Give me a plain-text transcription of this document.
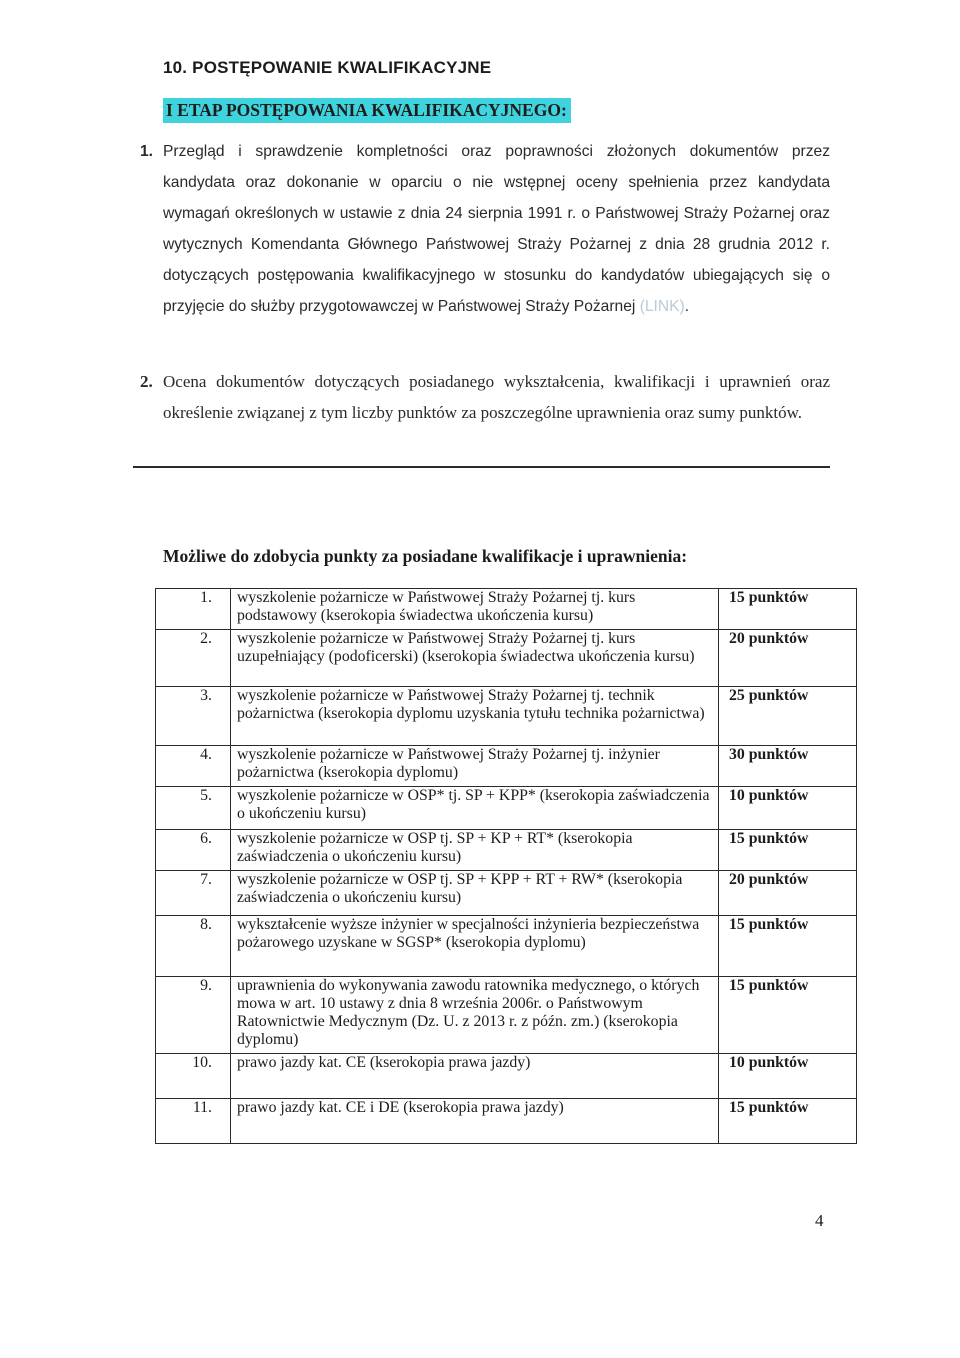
10. POSTĘPOWANIE KWALIFIKACYJNE
I ETAP POSTĘPOWANIA KWALIFIKACYJNEGO:
1. Przegląd i sprawdzenie kompletności oraz poprawności złożonych dokumentów przez kandydata oraz dokonanie w oparciu o nie wstępnej oceny spełnienia przez kandydata wymagań określonych w ustawie z dnia 24 sierpnia 1991 r. o Państwowej Straży Pożarnej oraz wytycznych Komendanta Głównego Państwowej Straży Pożarnej z dnia 28 grudnia 2012 r. dotyczących postępowania kwalifikacyjnego w stosunku do kandydatów ubiegających się o przyjęcie do służby przygotowawczej w Państwowej Straży Pożarnej (LINK).
2. Ocena dokumentów dotyczących posiadanego wykształcenia, kwalifikacji i uprawnień oraz określenie związanej z tym liczby punktów za poszczególne uprawnienia oraz sumy punktów.
Możliwe do zdobycia punkty za posiadane kwalifikacje i uprawnienia:
1.	wyszkolenie pożarnicze w Państwowej Straży Pożarnej tj. kurs podstawowy (kserokopia świadectwa ukończenia kursu)	15 punktów
2.	wyszkolenie pożarnicze w Państwowej Straży Pożarnej tj. kurs uzupełniający (podoficerski) (kserokopia świadectwa ukończenia kursu)	20 punktów
3.	wyszkolenie pożarnicze w Państwowej Straży Pożarnej tj. technik pożarnictwa (kserokopia dyplomu uzyskania tytułu technika pożarnictwa)	25 punktów
4.	wyszkolenie pożarnicze w Państwowej Straży Pożarnej tj. inżynier pożarnictwa (kserokopia dyplomu)	30 punktów
5.	wyszkolenie pożarnicze w OSP* tj. SP + KPP* (kserokopia zaświadczenia o ukończeniu kursu)	10 punktów
6.	wyszkolenie pożarnicze w OSP tj. SP + KP + RT* (kserokopia zaświadczenia o ukończeniu kursu)	15 punktów
7.	wyszkolenie pożarnicze w OSP tj. SP + KPP + RT + RW* (kserokopia zaświadczenia o ukończeniu kursu)	20 punktów
8.	wykształcenie wyższe inżynier w specjalności inżynieria bezpieczeństwa pożarowego uzyskane w SGSP* (kserokopia dyplomu)	15 punktów
9.	uprawnienia do wykonywania zawodu ratownika medycznego, o których mowa w art. 10 ustawy z dnia 8 września 2006r. o Państwowym Ratownictwie Medycznym (Dz. U. z 2013 r. z późn. zm.) (kserokopia dyplomu)	15 punktów
10.	prawo jazdy kat. CE (kserokopia prawa jazdy)	10 punktów
11.	prawo jazdy kat. CE i DE (kserokopia prawa jazdy)	15 punktów
4
